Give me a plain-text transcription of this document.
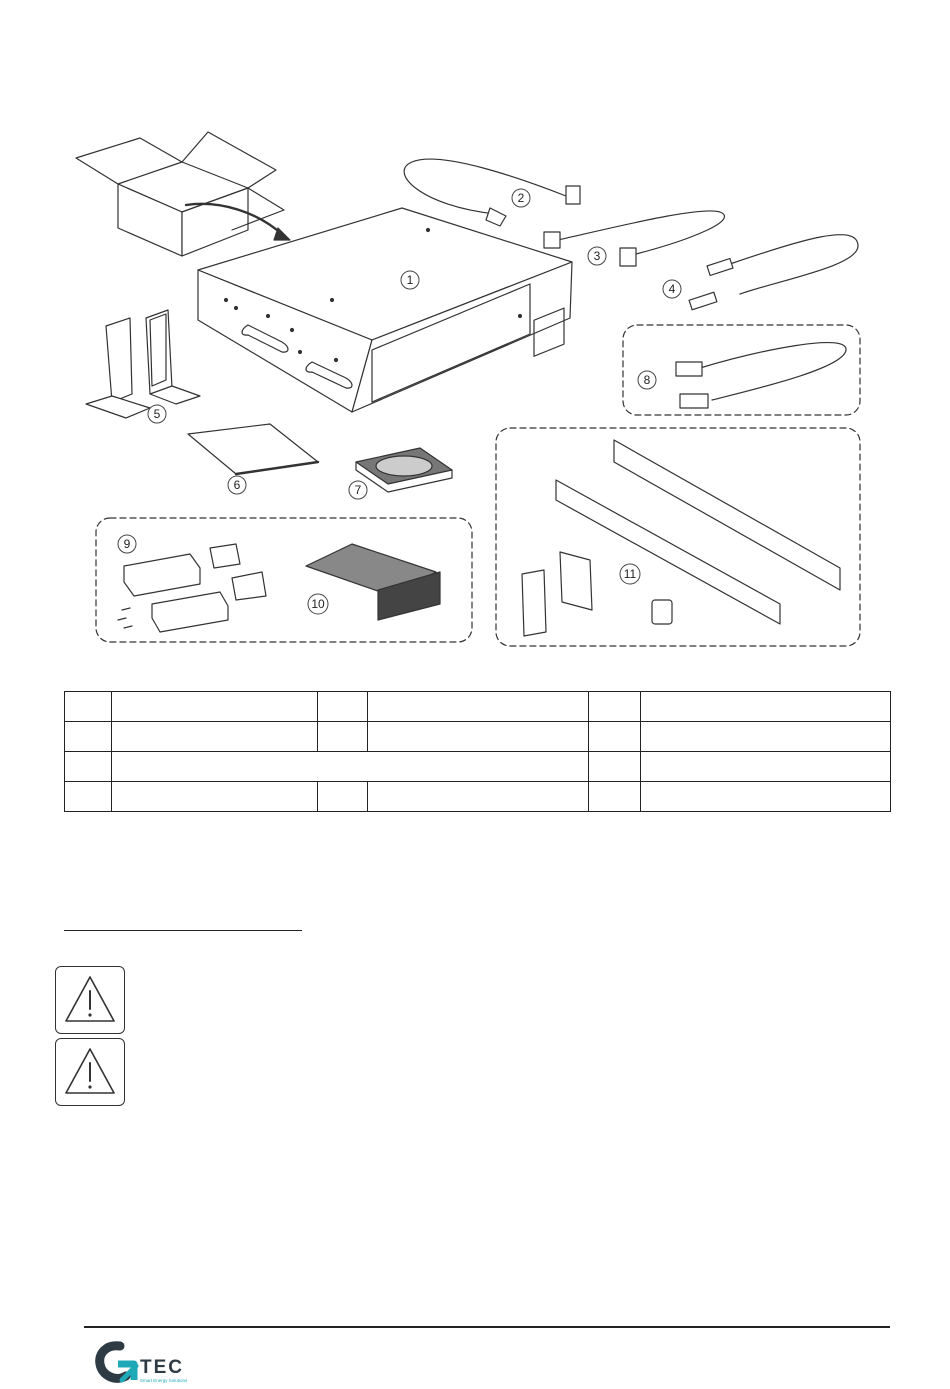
1
2
3
4
5
6	7
8
9
10
11

TEC
Smart Energy Solutions
